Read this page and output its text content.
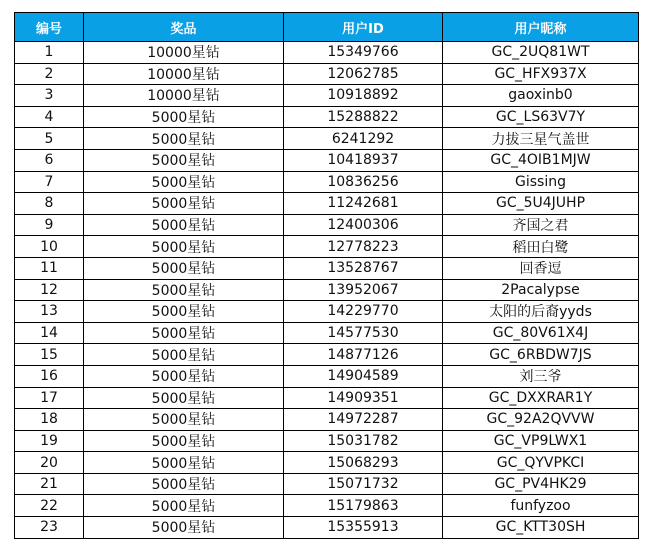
编号	奖品	用户ID	用户昵称
1	10000星钻	15349766	GC_2UQ81WT
2	10000星钻	12062785	GC_HFX937X
3	10000星钻	10918892	gaoxinb0
4	5000星钻	15288822	GC_LS63V7Y
5	5000星钻	6241292	力拔三星气盖世
6	5000星钻	10418937	GC_4OIB1MJW
7	5000星钻	10836256	Gissing
8	5000星钻	11242681	GC_5U4JUHP
9	5000星钻	12400306	齐国之君
10	5000星钻	12778223	稻田白鹭
11	5000星钻	13528767	回香逗
12	5000星钻	13952067	2Pacalypse
13	5000星钻	14229770	太阳的后裔yyds
14	5000星钻	14577530	GC_80V61X4J
15	5000星钻	14877126	GC_6RBDW7JS
16	5000星钻	14904589	刘三爷
17	5000星钻	14909351	GC_DXXRAR1Y
18	5000星钻	14972287	GC_92A2QVVW
19	5000星钻	15031782	GC_VP9LWX1
20	5000星钻	15068293	GC_QYVPKCI
21	5000星钻	15071732	GC_PV4HK29
22	5000星钻	15179863	funfyzoo
23	5000星钻	15355913	GC_KTT30SH
